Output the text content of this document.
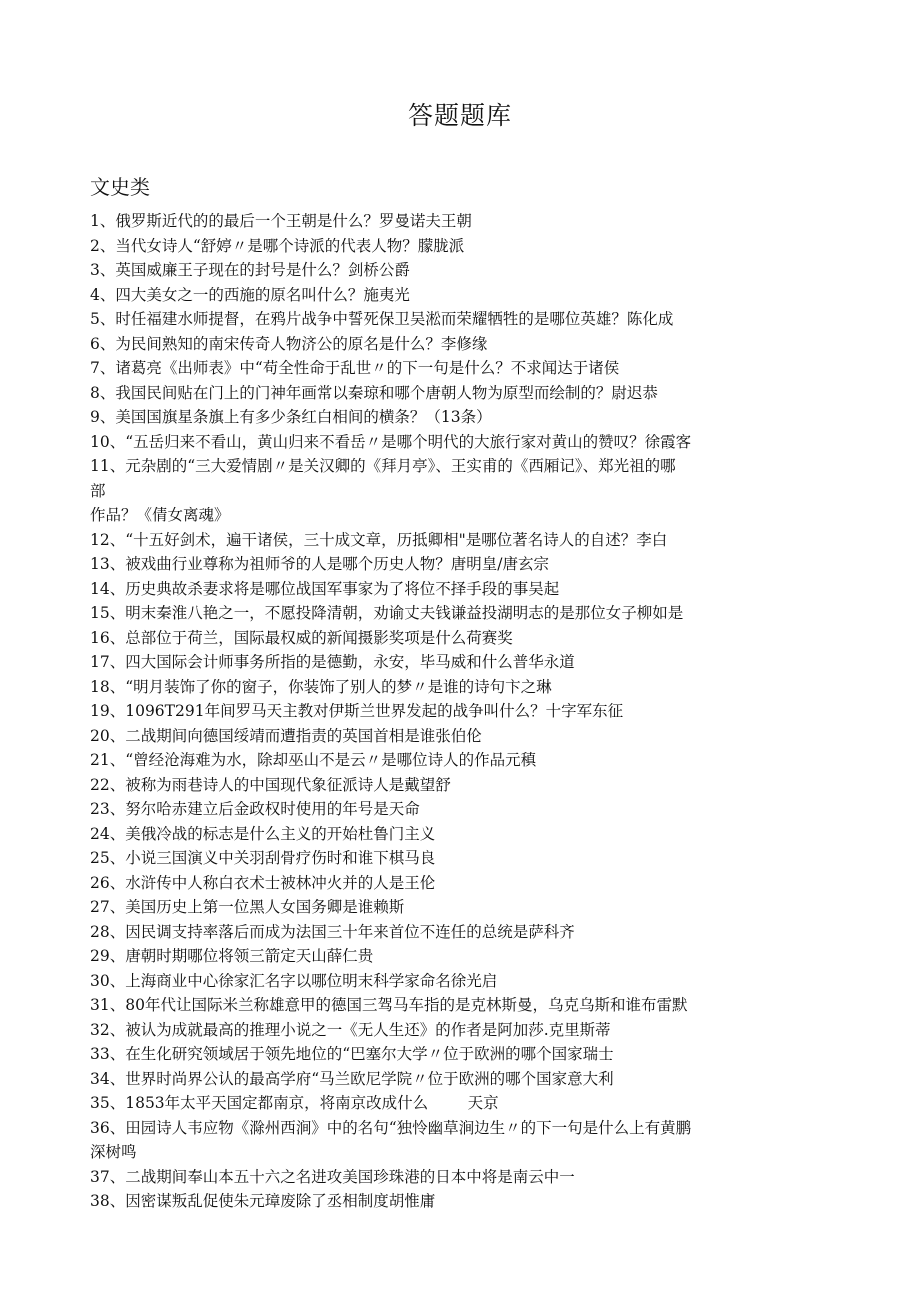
答题题库
文史类
1、俄罗斯近代的的最后一个王朝是什么？罗曼诺夫王朝
2、当代女诗人“舒婷〃是哪个诗派的代表人物？朦胧派
3、英国威廉王子现在的封号是什么？剑桥公爵
4、四大美女之一的西施的原名叫什么？施夷光
5、时任福建水师提督，在鸦片战争中誓死保卫吴淞而荣耀牺牲的是哪位英雄？陈化成
6、为民间熟知的南宋传奇人物济公的原名是什么？李修缘
7、诸葛亮《出师表》中“苟全性命于乱世〃的下一句是什么？不求闻达于诸侯
8、我国民间贴在门上的门神年画常以秦琼和哪个唐朝人物为原型而绘制的？尉迟恭
9、美国国旗星条旗上有多少条红白相间的横条？（13条）
10、“五岳归来不看山，黄山归来不看岳〃是哪个明代的大旅行家对黄山的赞叹？徐霞客
11、元杂剧的“三大爱情剧〃是关汉卿的《拜月亭》、王实甫的《西厢记》、郑光祖的哪
部
作品？《倩女离魂》
12、“十五好剑术，遍干诸侯，三十成文章，历抵卿相"是哪位著名诗人的自述？李白
13、被戏曲行业尊称为祖师爷的人是哪个历史人物？唐明皇/唐玄宗
14、历史典故杀妻求将是哪位战国军事家为了将位不择手段的事吴起
15、明末秦淮八艳之一，不愿投降清朝，劝谕丈夫钱谦益投湖明志的是那位女子柳如是
16、总部位于荷兰，国际最权威的新闻摄影奖项是什么荷赛奖
17、四大国际会计师事务所指的是德勤，永安，毕马威和什么普华永道
18、“明月装饰了你的窗子，你装饰了别人的梦〃是谁的诗句卞之琳
19、1096T291年间罗马天主教对伊斯兰世界发起的战争叫什么？十字军东征
20、二战期间向德国绥靖而遭指责的英国首相是谁张伯伦
21、“曾经沧海难为水，除却巫山不是云〃是哪位诗人的作品元稹
22、被称为雨巷诗人的中国现代象征派诗人是戴望舒
23、努尔哈赤建立后金政权时使用的年号是天命
24、美俄冷战的标志是什么主义的开始杜鲁门主义
25、小说三国演义中关羽刮骨疗伤时和谁下棋马良
26、水浒传中人称白衣术士被林冲火并的人是王伦
27、美国历史上第一位黑人女国务卿是谁赖斯
28、因民调支持率落后而成为法国三十年来首位不连任的总统是萨科齐
29、唐朝时期哪位将领三箭定天山薛仁贵
30、上海商业中心徐家汇名字以哪位明末科学家命名徐光启
31、80年代让国际米兰称雄意甲的德国三驾马车指的是克林斯曼，乌克乌斯和谁布雷默
32、被认为成就最高的推理小说之一《无人生还》的作者是阿加莎.克里斯蒂
33、在生化研究领域居于领先地位的“巴塞尔大学〃位于欧洲的哪个国家瑞士
34、世界时尚界公认的最高学府“马兰欧尼学院〃位于欧洲的哪个国家意大利
35、1853年太平天国定都南京，将南京改成什么        天京
36、田园诗人韦应物《滁州西涧》中的名句“独怜幽草涧边生〃的下一句是什么上有黄鹏
深树鸣
37、二战期间奉山本五十六之名进攻美国珍珠港的日本中将是南云中一
38、因密谋叛乱促使朱元璋废除了丞相制度胡惟庸
